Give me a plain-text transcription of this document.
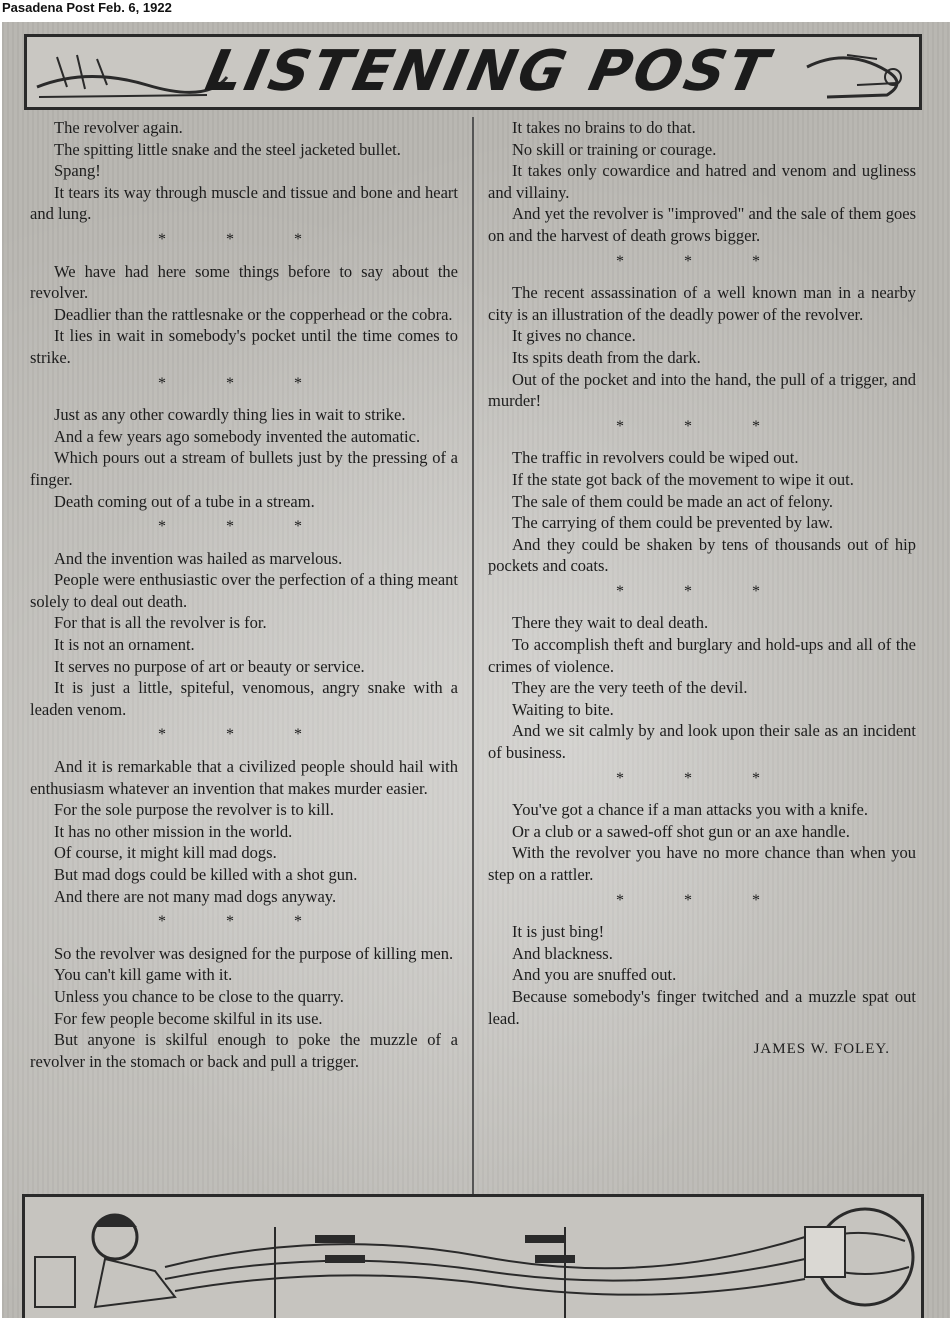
Pasadena Post Feb. 6, 1922
LISTENING POST

The revolver again.

The spitting little snake and the steel jacketed bullet.

Spang!

It tears its way through muscle and tissue and bone and heart and lung.

* * *

We have had here some things before to say about the revolver.

Deadlier than the rattlesnake or the copperhead or the cobra.

It lies in wait in somebody's pocket until the time comes to strike.

* * *

Just as any other cowardly thing lies in wait to strike.

And a few years ago somebody invented the automatic.

Which pours out a stream of bullets just by the pressing of a finger.

Death coming out of a tube in a stream.

* * *

And the invention was hailed as marvelous.

People were enthusiastic over the perfection of a thing meant solely to deal out death.

For that is all the revolver is for.

It is not an ornament.

It serves no purpose of art or beauty or service.

It is just a little, spiteful, venomous, angry snake with a leaden venom.

* * *

And it is remarkable that a civilized people should hail with enthusiasm whatever an invention that makes murder easier.

For the sole purpose the revolver is to kill.

It has no other mission in the world.

Of course, it might kill mad dogs.

But mad dogs could be killed with a shot gun.

And there are not many mad dogs anyway.

* * *

So the revolver was designed for the purpose of killing men.

You can't kill game with it.

Unless you chance to be close to the quarry.

For few people become skilful in its use.

But anyone is skilful enough to poke the muzzle of a revolver in the stomach or back and pull a trigger.

It takes no brains to do that.

No skill or training or courage.

It takes only cowardice and hatred and venom and ugliness and villainy.

And yet the revolver is "improved" and the sale of them goes on and the harvest of death grows bigger.

* * *

The recent assassination of a well known man in a nearby city is an illustration of the deadly power of the revolver.

It gives no chance.

Its spits death from the dark.

Out of the pocket and into the hand, the pull of a trigger, and murder!

* * *

The traffic in revolvers could be wiped out.

If the state got back of the movement to wipe it out.

The sale of them could be made an act of felony.

The carrying of them could be prevented by law.

And they could be shaken by tens of thousands out of hip pockets and coats.

* * *

There they wait to deal death.

To accomplish theft and burglary and hold-ups and all of the crimes of violence.

They are the very teeth of the devil.

Waiting to bite.

And we sit calmly by and look upon their sale as an incident of business.

* * *

You've got a chance if a man attacks you with a knife.

Or a club or a sawed-off shot gun or an axe handle.

With the revolver you have no more chance than when you step on a rattler.

* * *

It is just bing!

And blackness.

And you are snuffed out.

Because somebody's finger twitched and a muzzle spat out lead.

JAMES W. FOLEY.
